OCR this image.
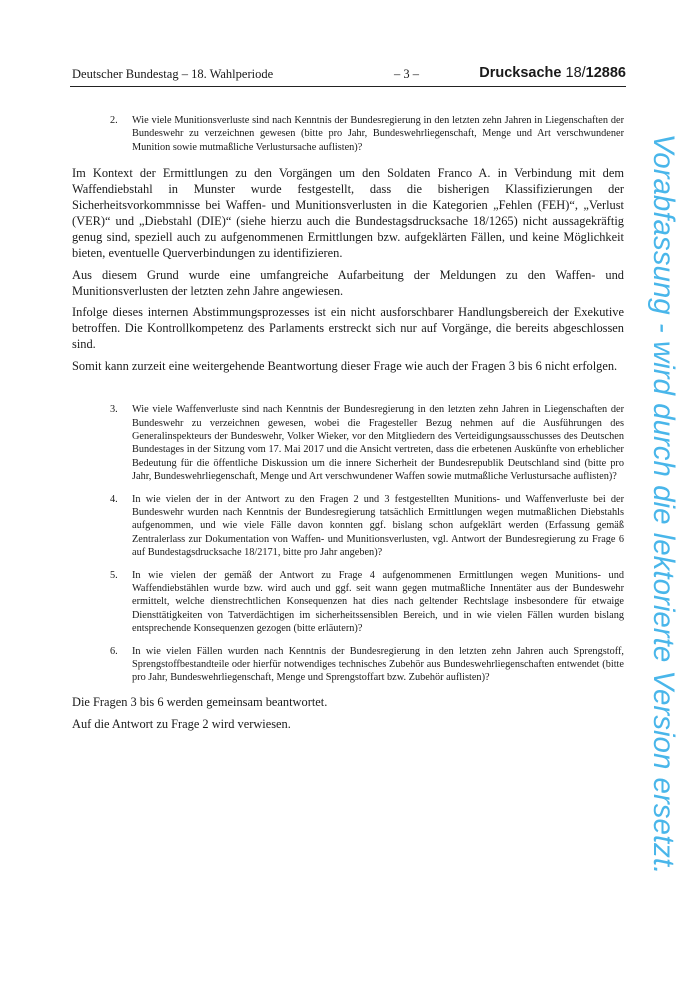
Deutscher Bundestag – 18. Wahlperiode	– 3 –	Drucksache 18/12886
2. Wie viele Munitionsverluste sind nach Kenntnis der Bundesregierung in den letzten zehn Jahren in Liegenschaften der Bundeswehr zu verzeichnen gewesen (bitte pro Jahr, Bundeswehrliegenschaft, Menge und Art verschwundener Munition sowie mutmaßliche Verlustursache auflisten)?

Im Kontext der Ermittlungen zu den Vorgängen um den Soldaten Franco A. in Verbindung mit dem Waffendiebstahl in Munster wurde festgestellt, dass die bisherigen Klassifizierungen der Sicherheitsvorkommnisse bei Waffen- und Munitionsverlusten in die Kategorien „Fehlen (FEH)“, „Verlust (VER)“ und „Diebstahl (DIE)“ (siehe hierzu auch die Bundestagsdrucksache 18/1265) nicht aussagekräftig genug sind, speziell auch zu aufgenommenen Ermittlungen bzw. aufgeklärten Fällen, und keine Möglichkeit bieten, eventuelle Querverbindungen zu identifizieren.

Aus diesem Grund wurde eine umfangreiche Aufarbeitung der Meldungen zu den Waffen- und Munitionsverlusten der letzten zehn Jahre angewiesen.

Infolge dieses internen Abstimmungsprozesses ist ein nicht ausforschbarer Handlungsbereich der Exekutive betroffen. Die Kontrollkompetenz des Parlaments erstreckt sich nur auf Vorgänge, die bereits abgeschlossen sind.

Somit kann zurzeit eine weitergehende Beantwortung dieser Frage wie auch der Fragen 3 bis 6 nicht erfolgen.

3. Wie viele Waffenverluste sind nach Kenntnis der Bundesregierung in den letzten zehn Jahren in Liegenschaften der Bundeswehr zu verzeichnen gewesen, wobei die Fragesteller Bezug nehmen auf die Ausführungen des Generalinspekteurs der Bundeswehr, Volker Wieker, vor den Mitgliedern des Verteidigungsausschusses des Deutschen Bundestages in der Sitzung vom 17. Mai 2017 und die Ansicht vertreten, dass die erbetenen Auskünfte von erheblicher Bedeutung für die öffentliche Diskussion um die innere Sicherheit der Bundesrepublik Deutschland sind (bitte pro Jahr, Bundeswehrliegenschaft, Menge und Art verschwundener Waffen sowie mutmaßliche Verlustursache auflisten)?
4. In wie vielen der in der Antwort zu den Fragen 2 und 3 festgestellten Munitions- und Waffenverluste bei der Bundeswehr wurden nach Kenntnis der Bundesregierung tatsächlich Ermittlungen wegen mutmaßlichen Diebstahls aufgenommen, und wie viele Fälle davon konnten ggf. bislang schon aufgeklärt werden (Erfassung gemäß Zentralerlass zur Dokumentation von Waffen- und Munitionsverlusten, vgl. Antwort der Bundesregierung zu Frage 6 auf Bundestagsdrucksache 18/2171, bitte pro Jahr angeben)?
5. In wie vielen der gemäß der Antwort zu Frage 4 aufgenommenen Ermittlungen wegen Munitions- und Waffendiebstählen wurde bzw. wird auch und ggf. seit wann gegen mutmaßliche Innentäter aus der Bundeswehr ermittelt, welche dienstrechtlichen Konsequenzen hat dies nach geltender Rechtslage insbesondere für etwaige Diensttätigkeiten von Tatverdächtigen im sicherheitssensiblen Bereich, und in wie vielen Fällen wurden bislang entsprechende Konsequenzen gezogen (bitte erläutern)?
6. In wie vielen Fällen wurden nach Kenntnis der Bundesregierung in den letzten zehn Jahren auch Sprengstoff, Sprengstoffbestandteile oder hierfür notwendiges technisches Zubehör aus Bundeswehrliegenschaften entwendet (bitte pro Jahr, Bundeswehrliegenschaft, Menge und Sprengstoffart bzw. Zubehör auflisten)?

Die Fragen 3 bis 6 werden gemeinsam beantwortet.

Auf die Antwort zu Frage 2 wird verwiesen.	Vorabfassung - wird durch die lektorierte Version ersetzt.
